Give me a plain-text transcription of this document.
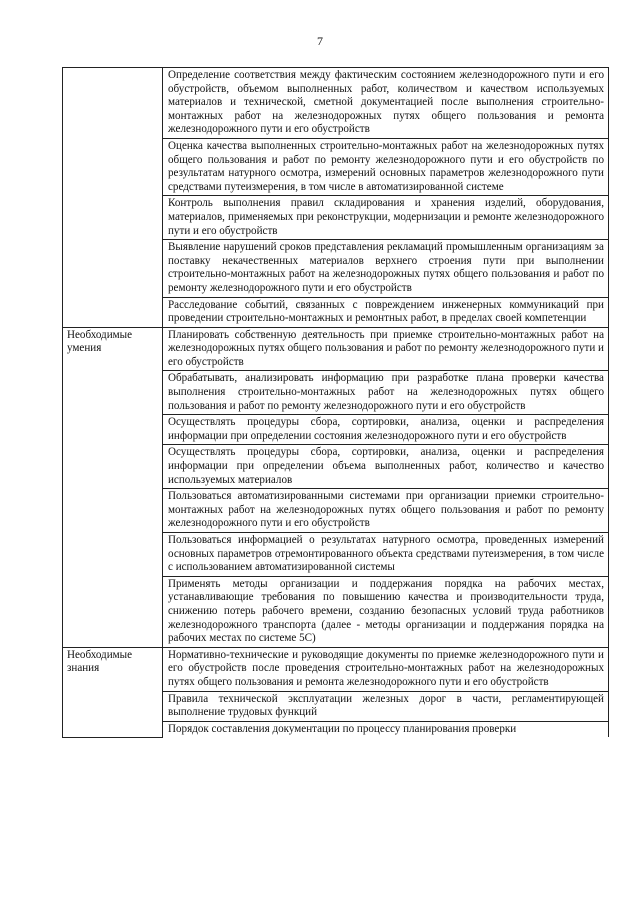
7
	Определение соответствия между фактическим состоянием железнодорожного пути и его обустройств, объемом выполненных работ, количеством и качеством используемых материалов и технической, сметной документацией после выполнения строительно-монтажных работ на железнодорожных путях общего пользования и ремонта железнодорожного пути и его обустройств
	Оценка качества выполненных строительно-монтажных работ на железнодорожных путях общего пользования и работ по ремонту железнодорожного пути и его обустройств по результатам натурного осмотра, измерений основных параметров железнодорожного пути средствами путеизмерения, в том числе в автоматизированной системе
	Контроль выполнения правил складирования и хранения изделий, оборудования, материалов, применяемых при реконструкции, модернизации и ремонте железнодорожного пути и его обустройств
	Выявление нарушений сроков представления рекламаций промышленным организациям за поставку некачественных материалов верхнего строения пути при выполнении строительно-монтажных работ на железнодорожных путях общего пользования и работ по ремонту железнодорожного пути и его обустройств
	Расследование событий, связанных с повреждением инженерных коммуникаций при проведении строительно-монтажных и ремонтных работ, в пределах своей компетенции
Необходимые умения	Планировать собственную деятельность при приемке строительно-монтажных работ на железнодорожных путях общего пользования и работ по ремонту железнодорожного пути и его обустройств
	Обрабатывать, анализировать информацию при разработке плана проверки качества выполнения строительно-монтажных работ на железнодорожных путях общего пользования и работ по ремонту железнодорожного пути и его обустройств
	Осуществлять процедуры сбора, сортировки, анализа, оценки и распределения информации при определении состояния железнодорожного пути и его обустройств
	Осуществлять процедуры сбора, сортировки, анализа, оценки и распределения информации при определении объема выполненных работ, количество и качество используемых материалов
	Пользоваться автоматизированными системами при организации приемки строительно-монтажных работ на железнодорожных путях общего пользования и работ по ремонту железнодорожного пути и его обустройств
	Пользоваться информацией о результатах натурного осмотра, проведенных измерений основных параметров отремонтированного объекта средствами путеизмерения, в том числе с использованием автоматизированной системы
	Применять методы организации и поддержания порядка на рабочих местах, устанавливающие требования по повышению качества и производительности труда, снижению потерь рабочего времени, созданию безопасных условий труда работников железнодорожного транспорта (далее - методы организации и поддержания порядка на рабочих местах по системе 5С)
Необходимые знания	Нормативно-технические и руководящие документы по приемке железнодорожного пути и его обустройств после проведения строительно-монтажных работ на железнодорожных путях общего пользования и ремонта железнодорожного пути и его обустройств
	Правила технической эксплуатации железных дорог в части, регламентирующей выполнение трудовых функций
	Порядок составления документации по процессу планирования проверки
